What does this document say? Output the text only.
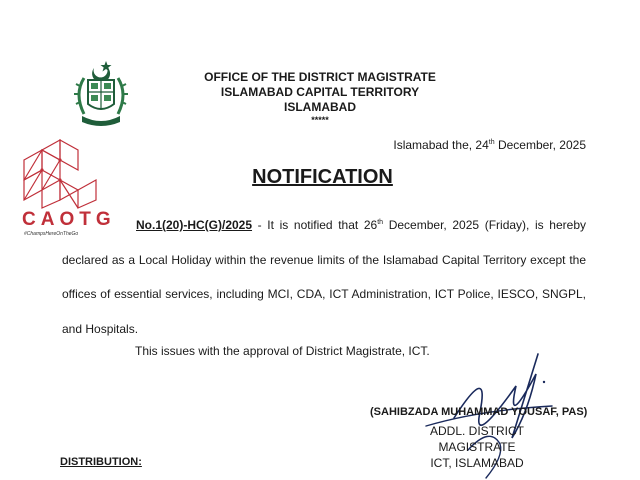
CAOTG
#ChampsHereOnTheGo
OFFICE OF THE DISTRICT MAGISTRATE
ISLAMABAD CAPITAL TERRITORY
ISLAMABAD
*****
Islamabad the, 24th December, 2025
NOTIFICATION
No.1(20)-HC(G)/2025 - It is notified that 26th December, 2025 (Friday), is hereby declared as a Local Holiday within the revenue limits of the Islamabad Capital Territory except the offices of essential services, including MCI, CDA, ICT Administration, ICT Police, IESCO, SNGPL, and Hospitals.
This issues with the approval of District Magistrate, ICT.
(SAHIBZADA MUHAMMAD YOUSAF, PAS)
ADDL. DISTRICT MAGISTRATE
ICT, ISLAMABAD
DISTRIBUTION:
